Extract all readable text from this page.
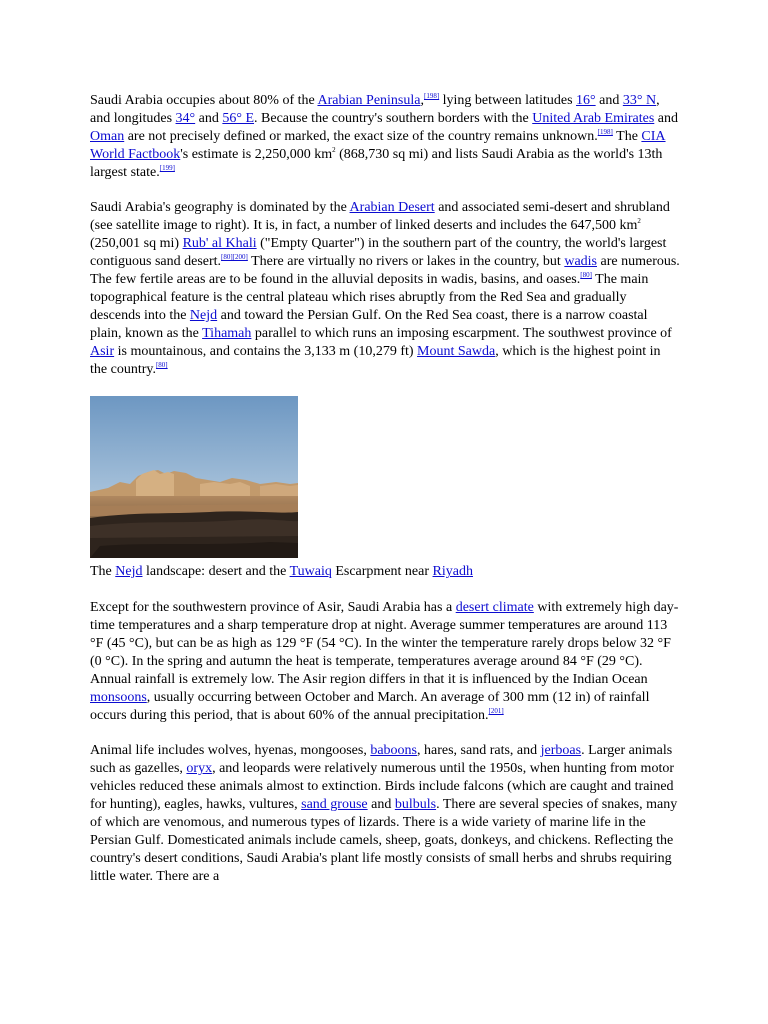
Saudi Arabia occupies about 80% of the Arabian Peninsula,[198] lying between latitudes 16° and 33° N, and longitudes 34° and 56° E. Because the country's southern borders with the United Arab Emirates and Oman are not precisely defined or marked, the exact size of the country remains unknown.[198] The CIA World Factbook's estimate is 2,250,000 $km^2$ (868,730 sq mi) and lists Saudi Arabia as the world's 13th largest state.[199]

Saudi Arabia's geography is dominated by the Arabian Desert and associated semi-desert and shrubland (see satellite image to right). It is, in fact, a number of linked deserts and includes the 647,500 $km^2$ (250,001 sq mi) Rub' al Khali ("Empty Quarter") in the southern part of the country, the world's largest contiguous sand desert.[80][200] There are virtually no rivers or lakes in the country, but wadis are numerous. The few fertile areas are to be found in the alluvial deposits in wadis, basins, and oases.[80] The main topographical feature is the central plateau which rises abruptly from the Red Sea and gradually descends into the Nejd and toward the Persian Gulf. On the Red Sea coast, there is a narrow coastal plain, known as the Tihamah parallel to which runs an imposing escarpment. The southwest province of Asir is mountainous, and contains the 3,133 m (10,279 ft) Mount Sawda, which is the highest point in the country.[80]

The Nejd landscape: desert and the Tuwaiq Escarpment near Riyadh

Except for the southwestern province of Asir, Saudi Arabia has a desert climate with extremely high day-time temperatures and a sharp temperature drop at night. Average summer temperatures are around 113 °F (45 °C), but can be as high as 129 °F (54 °C). In the winter the temperature rarely drops below 32 °F (0 °C). In the spring and autumn the heat is temperate, temperatures average around 84 °F (29 °C). Annual rainfall is extremely low. The Asir region differs in that it is influenced by the Indian Ocean monsoons, usually occurring between October and March. An average of 300 mm (12 in) of rainfall occurs during this period, that is about 60% of the annual precipitation.[201]

Animal life includes wolves, hyenas, mongooses, baboons, hares, sand rats, and jerboas. Larger animals such as gazelles, oryx, and leopards were relatively numerous until the 1950s, when hunting from motor vehicles reduced these animals almost to extinction. Birds include falcons (which are caught and trained for hunting), eagles, hawks, vultures, sand grouse and bulbuls. There are several species of snakes, many of which are venomous, and numerous types of lizards. There is a wide variety of marine life in the Persian Gulf. Domesticated animals include camels, sheep, goats, donkeys, and chickens. Reflecting the country's desert conditions, Saudi Arabia's plant life mostly consists of small herbs and shrubs requiring little water. There are a
